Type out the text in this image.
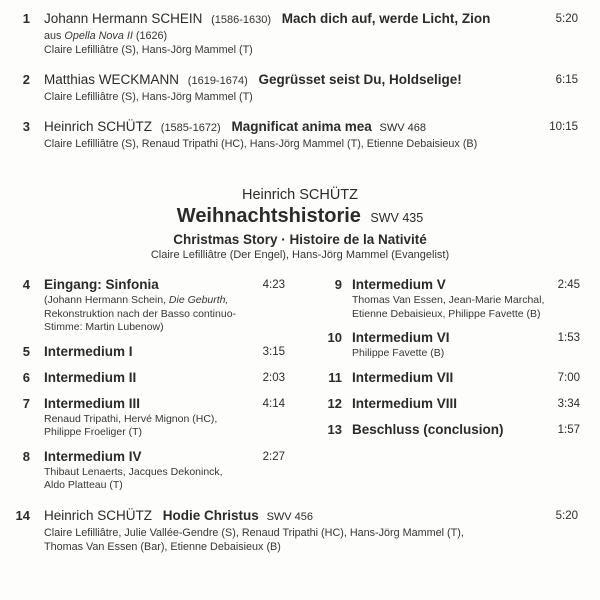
1 Johann Hermann SCHEIN (1586-1630) Mach dich auf, werde Licht, Zion
aus Opella Nova II (1626)
Claire Lefilliâtre (S), Hans-Jörg Mammel (T)
5:20
2 Matthias WECKMANN (1619-1674) Gegrüsset seist Du, Holdselige!
Claire Lefilliâtre (S), Hans-Jörg Mammel (T)
6:15
3 Heinrich SCHÜTZ (1585-1672) Magnificat anima mea SWV 468
Claire Lefilliâtre (S), Renaud Tripathi (HC), Hans-Jörg Mammel (T), Etienne Debaisieux (B)
10:15
Heinrich SCHÜTZ
Weihnachtshistorie SWV 435
Christmas Story · Histoire de la Nativité
Claire Lefilliâtre (Der Engel), Hans-Jörg Mammel (Evangelist)
4 Eingang: Sinfonia
(Johann Hermann Schein, Die Geburth,
Rekonstruktion nach der Basso continuo-
Stimme: Martin Lubenow)
4:23
5 Intermedium I	3:15
6 Intermedium II	2:03
7 Intermedium III
Renaud Tripathi, Hervé Mignon (HC),
Philippe Froeliger (T)
4:14
8 Intermedium IV
Thibaut Lenaerts, Jacques Dekoninck,
Aldo Platteau (T)
2:27
9 Intermedium V
Thomas Van Essen, Jean-Marie Marchal,
Etienne Debaisieux, Philippe Favette (B)
2:45
10 Intermedium VI
Philippe Favette (B)
1:53
11 Intermedium VII	7:00
12 Intermedium VIII	3:34
13 Beschluss (conclusion)	1:57
14 Heinrich SCHÜTZ Hodie Christus SWV 456
Claire Lefilliâtre, Julie Vallée-Gendre (S), Renaud Tripathi (HC), Hans-Jörg Mammel (T),
Thomas Van Essen (Bar), Etienne Debaisieux (B)
5:20
